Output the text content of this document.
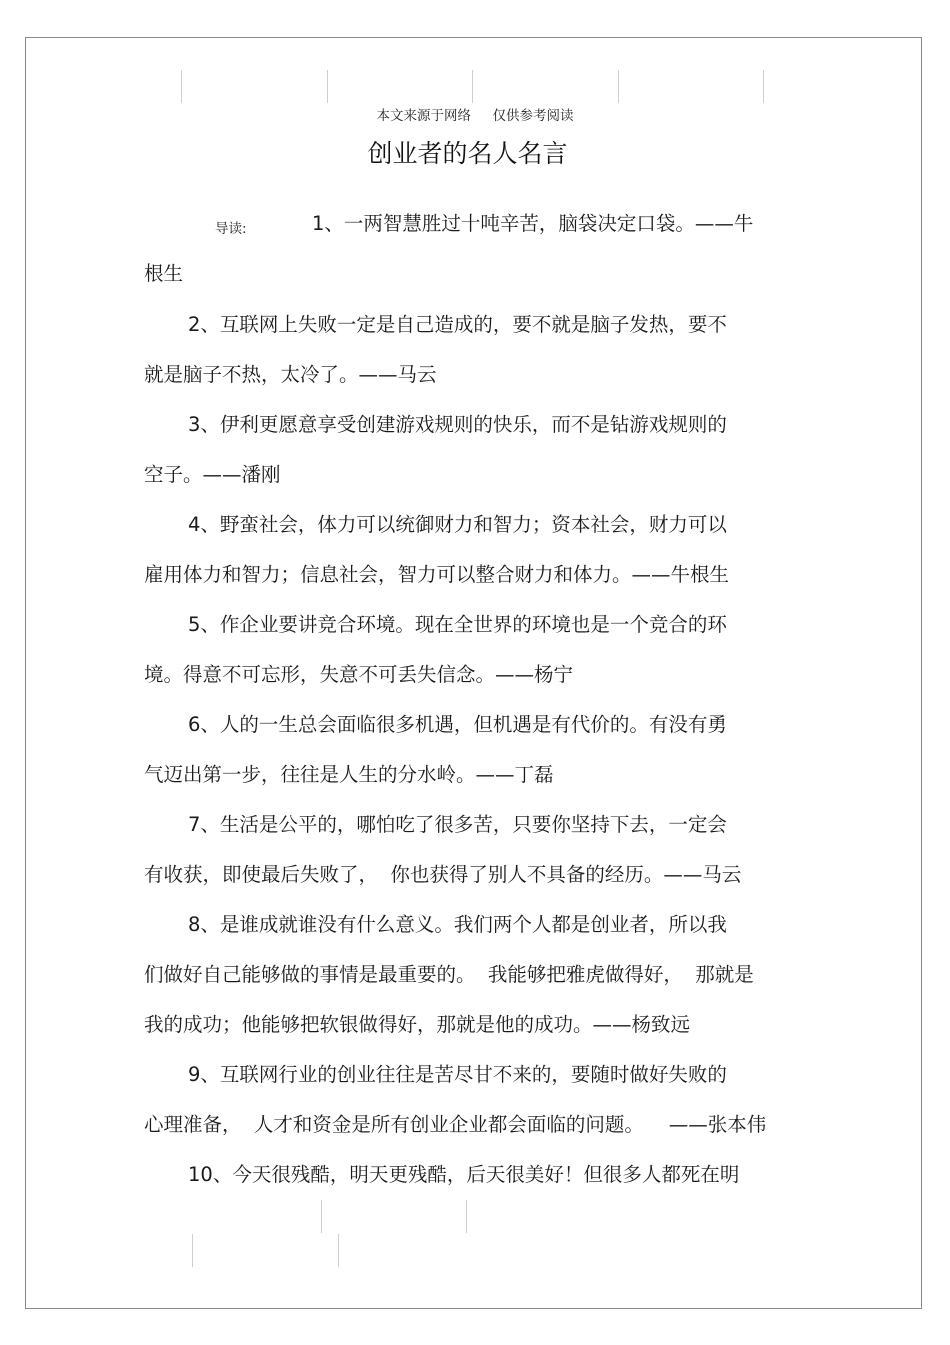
本文来源于网络     仅供参考阅读
创业者的名人名言
导读:	1、一两智慧胜过十吨辛苦，脑袋决定口袋。——牛
根生
2、互联网上失败一定是自己造成的，要不就是脑子发热，要不
就是脑子不热，太冷了。——马云
3、伊利更愿意享受创建游戏规则的快乐，而不是钻游戏规则的
空子。——潘刚
4、野蛮社会，体力可以统御财力和智力；资本社会，财力可以
雇用体力和智力；信息社会，智力可以整合财力和体力。——牛根生
5、作企业要讲竞合环境。现在全世界的环境也是一个竞合的环
境。得意不可忘形，失意不可丢失信念。——杨宁
6、人的一生总会面临很多机遇，但机遇是有代价的。有没有勇
气迈出第一步，往往是人生的分水岭。——丁磊
7、生活是公平的，哪怕吃了很多苦，只要你坚持下去，一定会
有收获，即使最后失败了，  你也获得了别人不具备的经历。——马云
8、是谁成就谁没有什么意义。我们两个人都是创业者，所以我
们做好自己能够做的事情是最重要的。  我能够把雅虎做得好，  那就是
我的成功；他能够把软银做得好，那就是他的成功。——杨致远
9、互联网行业的创业往往是苦尽甘不来的，要随时做好失败的
心理准备，  人才和资金是所有创业企业都会面临的问题。    ——张本伟
10、今天很残酷，明天更残酷，后天很美好！但很多人都死在明
